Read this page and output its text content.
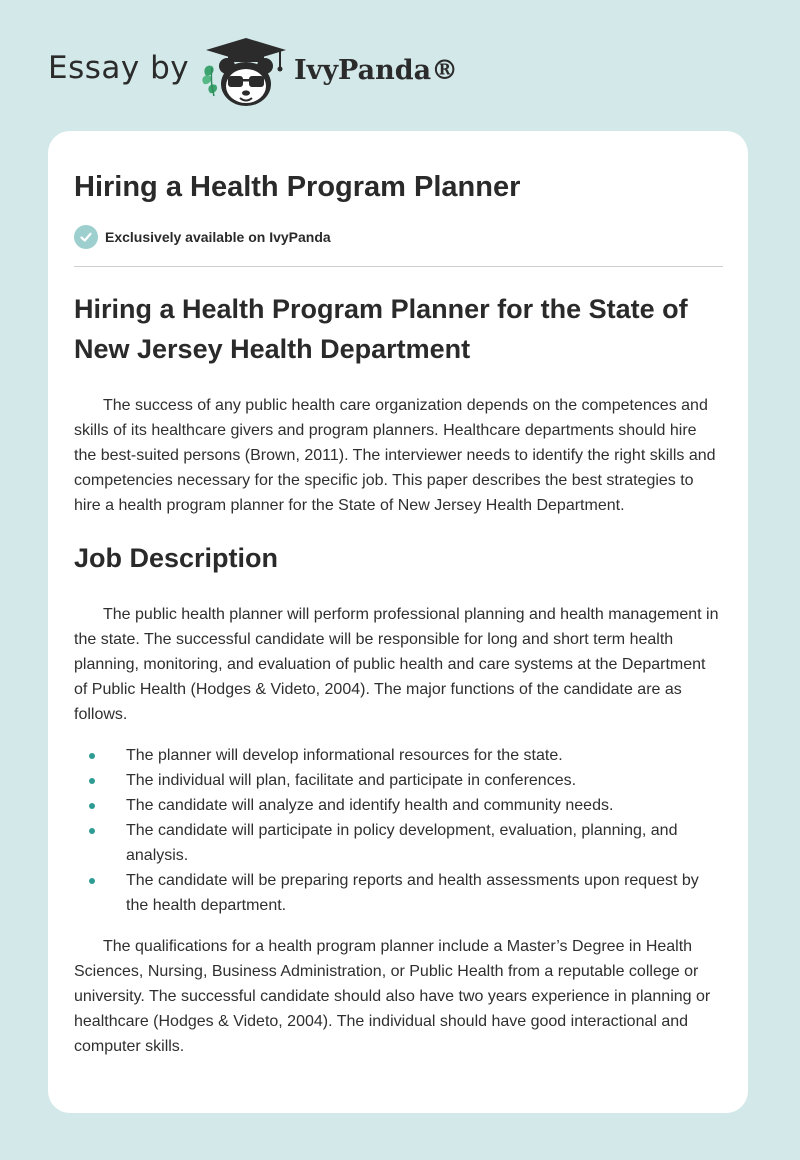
Essay by	IvyPanda®
Hiring a Health Program Planner
Exclusively available on IvyPanda
Hiring a Health Program Planner for the State of New Jersey Health Department

The success of any public health care organization depends on the competences and skills of its healthcare givers and program planners. Healthcare departments should hire the best-suited persons (Brown, 2011). The interviewer needs to identify the right skills and competencies necessary for the specific job. This paper describes the best strategies to hire a health program planner for the State of New Jersey Health Department.

Job Description

The public health planner will perform professional planning and health management in the state. The successful candidate will be responsible for long and short term health planning, monitoring, and evaluation of public health and care systems at the Department of Public Health (Hodges & Videto, 2004). The major functions of the candidate are as follows.

The planner will develop informational resources for the state.
The individual will plan, facilitate and participate in conferences.
The candidate will analyze and identify health and community needs.
The candidate will participate in policy development, evaluation, planning, and analysis.
The candidate will be preparing reports and health assessments upon request by the health department.

The qualifications for a health program planner include a Master’s Degree in Health Sciences, Nursing, Business Administration, or Public Health from a reputable college or university. The successful candidate should also have two years experience in planning or healthcare (Hodges & Videto, 2004). The individual should have good interactional and computer skills.
